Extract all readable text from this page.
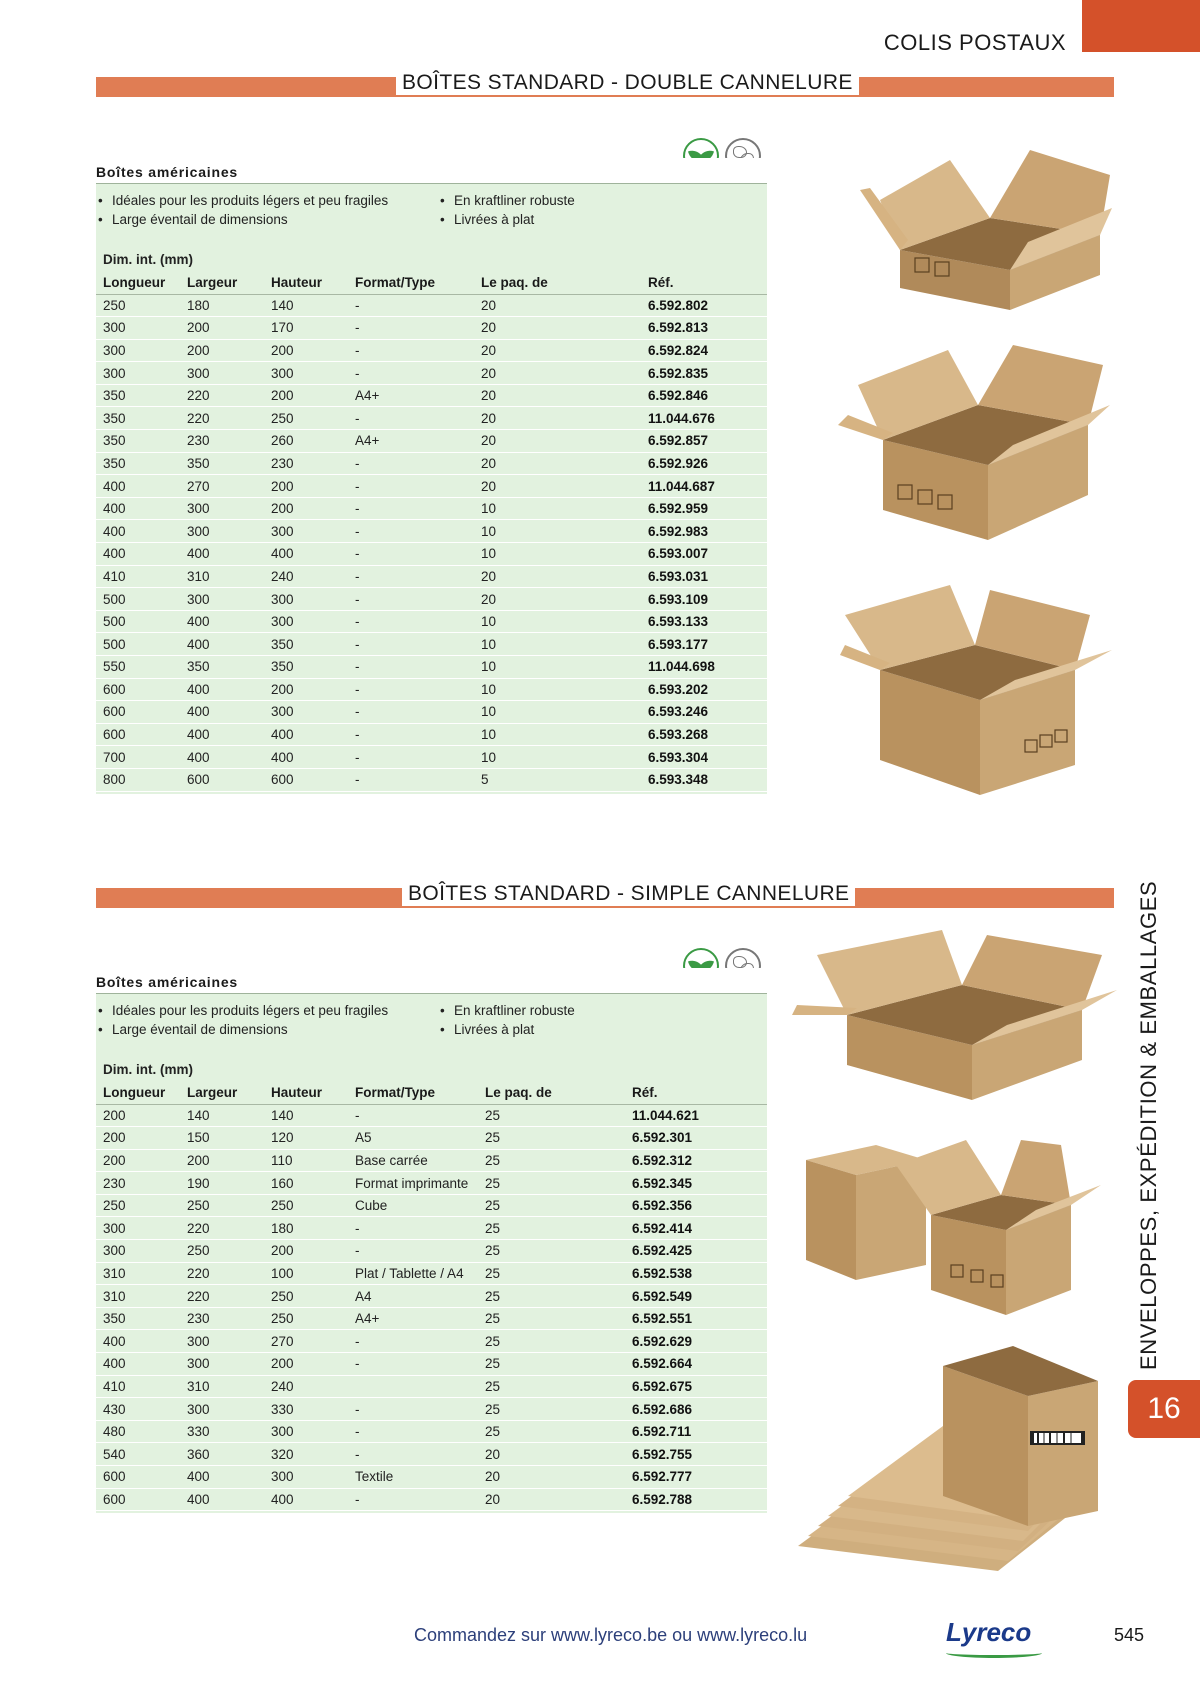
COLIS POSTAUX
BOÎTES STANDARD - DOUBLE CANNELURE
Boîtes américaines
• Idéales pour les produits légers et peu fragiles
• Large éventail de dimensions
• En kraftliner robuste
• Livrées à plat
Dim. int. (mm)
Longueur	Largeur	Hauteur	Format/Type	Le paq. de	Réf.
250	180	140	-	20	6.592.802
300	200	170	-	20	6.592.813
300	200	200	-	20	6.592.824
300	300	300	-	20	6.592.835
350	220	200	A4+	20	6.592.846
350	220	250	-	20	11.044.676
350	230	260	A4+	20	6.592.857
350	350	230	-	20	6.592.926
400	270	200	-	20	11.044.687
400	300	200	-	10	6.592.959
400	300	300	-	10	6.592.983
400	400	400	-	10	6.593.007
410	310	240	-	20	6.593.031
500	300	300	-	20	6.593.109
500	400	300	-	10	6.593.133
500	400	350	-	10	6.593.177
550	350	350	-	10	11.044.698
600	400	200	-	10	6.593.202
600	400	300	-	10	6.593.246
600	400	400	-	10	6.593.268
700	400	400	-	10	6.593.304
800	600	600	-	5	6.593.348
BOÎTES STANDARD - SIMPLE CANNELURE
Boîtes américaines
• Idéales pour les produits légers et peu fragiles
• Large éventail de dimensions
• En kraftliner robuste
• Livrées à plat
Dim. int. (mm)
Longueur	Largeur	Hauteur	Format/Type	Le paq. de	Réf.
200	140	140	-	25	11.044.621
200	150	120	A5	25	6.592.301
200	200	110	Base carrée	25	6.592.312
230	190	160	Format imprimante	25	6.592.345
250	250	250	Cube	25	6.592.356
300	220	180	-	25	6.592.414
300	250	200	-	25	6.592.425
310	220	100	Plat / Tablette / A4	25	6.592.538
310	220	250	A4	25	6.592.549
350	230	250	A4+	25	6.592.551
400	300	270	-	25	6.592.629
400	300	200	-	25	6.592.664
410	310	240		25	6.592.675
430	300	330	-	25	6.592.686
480	330	300	-	25	6.592.711
540	360	320	-	20	6.592.755
600	400	300	Textile	20	6.592.777
600	400	400	-	20	6.592.788
ENVELOPPES, EXPÉDITION & EMBALLAGES
16
Commandez sur www.lyreco.be ou www.lyreco.lu	Lyreco	545
